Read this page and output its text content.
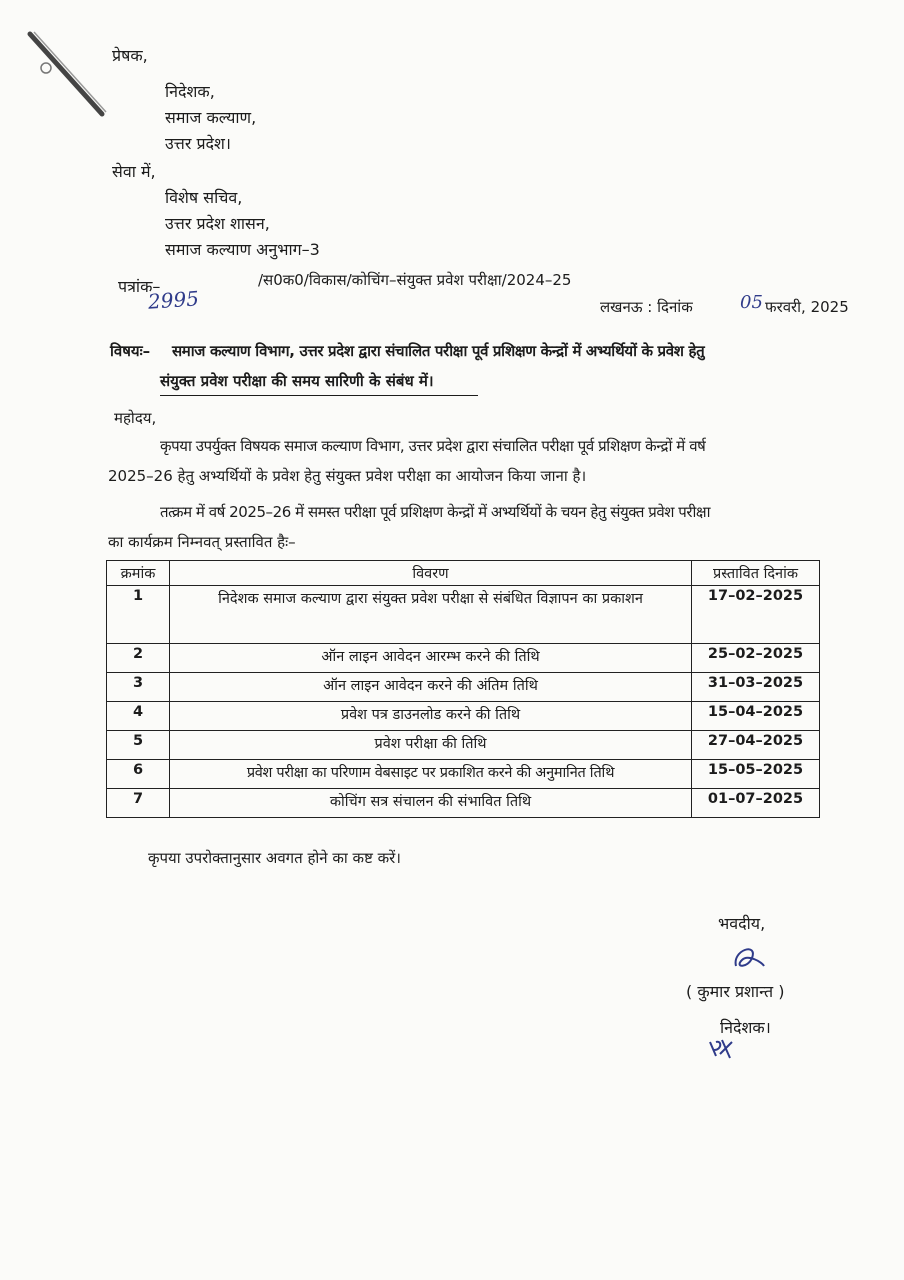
प्रेषक,
निदेशक,
समाज कल्याण,
उत्तर प्रदेश।
सेवा में,
विशेष सचिव,
उत्तर प्रदेश शासन,
समाज कल्याण अनुभाग–3
पत्रांक–
2995
/स0क0/विकास/कोचिंग–संयुक्त प्रवेश परीक्षा/2024–25
लखनऊ : दिनांक	05 फरवरी, 2025
विषयः– समाज कल्याण विभाग, उत्तर प्रदेश द्वारा संचालित परीक्षा पूर्व प्रशिक्षण केन्द्रों में अभ्यर्थियों के प्रवेश हेतु
संयुक्त प्रवेश परीक्षा की समय सारिणी के संबंध में।
महोदय,
कृपया उपर्युक्त विषयक समाज कल्याण विभाग, उत्तर प्रदेश द्वारा संचालित परीक्षा पूर्व प्रशिक्षण केन्द्रों में वर्ष
2025–26 हेतु अभ्यर्थियों के प्रवेश हेतु संयुक्त प्रवेश परीक्षा का आयोजन किया जाना है।
तत्क्रम में वर्ष 2025–26 में समस्त परीक्षा पूर्व प्रशिक्षण केन्द्रों में अभ्यर्थियों के चयन हेतु संयुक्त प्रवेश परीक्षा
का कार्यक्रम निम्नवत् प्रस्तावित हैः–
क्रमांक	विवरण	प्रस्तावित दिनांक
1	निदेशक समाज कल्याण द्वारा संयुक्त प्रवेश परीक्षा से संबंधित विज्ञापन का प्रकाशन	17–02–2025
2	ऑन लाइन आवेदन आरम्भ करने की तिथि	25–02–2025
3	ऑन लाइन आवेदन करने की अंतिम तिथि	31–03–2025
4	प्रवेश पत्र डाउनलोड करने की तिथि	15–04–2025
5	प्रवेश परीक्षा की तिथि	27–04–2025
6	प्रवेश परीक्षा का परिणाम वेबसाइट पर प्रकाशित करने की अनुमानित तिथि	15–05–2025
7	कोचिंग सत्र संचालन की संभावित तिथि	01–07–2025
कृपया उपरोक्तानुसार अवगत होने का कष्ट करें।
भवदीय,
( कुमार प्रशान्त )
निदेशक।
